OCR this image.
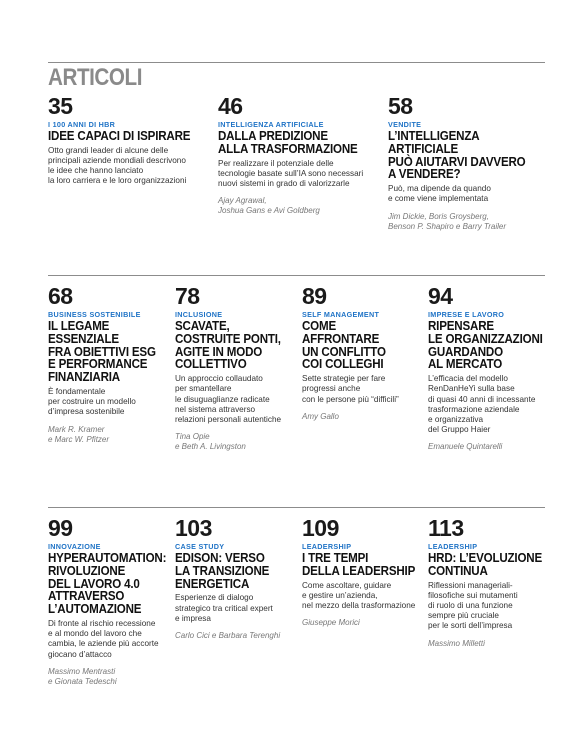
ARTICOLI
35
I 100 ANNI DI HBR
IDEE CAPACI DI ISPIRARE
Otto grandi leader di alcune delle
principali aziende mondiali descrivono
le idee che hanno lanciato
la loro carriera e le loro organizzazioni
46
INTELLIGENZA ARTIFICIALE
DALLA PREDIZIONE
ALLA TRASFORMAZIONE
Per realizzare il potenziale delle
tecnologie basate sull’IA sono necessari
nuovi sistemi in grado di valorizzarle
Ajay Agrawal,
Joshua Gans e Avi Goldberg
58
VENDITE
L’INTELLIGENZA ARTIFICIALE
PUÒ AIUTARVI DAVVERO
A VENDERE?
Può, ma dipende da quando
e come viene implementata
Jim Dickie, Boris Groysberg,
Benson P. Shapiro e Barry Trailer
68
BUSINESS SOSTENIBILE
IL LEGAME
ESSENZIALE
FRA OBIETTIVI ESG
E PERFORMANCE
FINANZIARIA
È fondamentale
per costruire un modello
d’impresa sostenibile
Mark R. Kramer
e Marc W. Pfitzer
78
INCLUSIONE
SCAVATE,
COSTRUITE PONTI,
AGITE IN MODO
COLLETTIVO
Un approccio collaudato
per smantellare
le disuguaglianze radicate
nel sistema attraverso
relazioni personali autentiche
Tina Opie
e Beth A. Livingston
89
SELF MANAGEMENT
COME AFFRONTARE
UN CONFLITTO
COI COLLEGHI
Sette strategie per fare
progressi anche
con le persone più “difficili”
Amy Gallo
94
IMPRESE E LAVORO
RIPENSARE
LE ORGANIZZAZIONI
GUARDANDO
AL MERCATO
L’efficacia del modello
RenDanHeYi sulla base
di quasi 40 anni di incessante
trasformazione aziendale
e organizzativa
del Gruppo Haier
Emanuele Quintarelli
99
INNOVAZIONE
HYPERAUTOMATION:
RIVOLUZIONE
DEL LAVORO 4.0
ATTRAVERSO
L’AUTOMAZIONE
Di fronte al rischio recessione
e al mondo del lavoro che
cambia, le aziende più accorte
giocano d’attacco
Massimo Mentrasti
e Gionata Tedeschi
103
CASE STUDY
EDISON: VERSO
LA TRANSIZIONE
ENERGETICA
Esperienze di dialogo
strategico tra critical expert
e impresa
Carlo Cici e Barbara Terenghi
109
LEADERSHIP
I TRE TEMPI
DELLA LEADERSHIP
Come ascoltare, guidare
e gestire un’azienda,
nel mezzo della trasformazione
Giuseppe Morici
113
LEADERSHIP
HRD: L’EVOLUZIONE
CONTINUA
Riflessioni manageriali-
filosofiche sui mutamenti
di ruolo di una funzione
sempre più cruciale
per le sorti dell’impresa
Massimo Milletti
